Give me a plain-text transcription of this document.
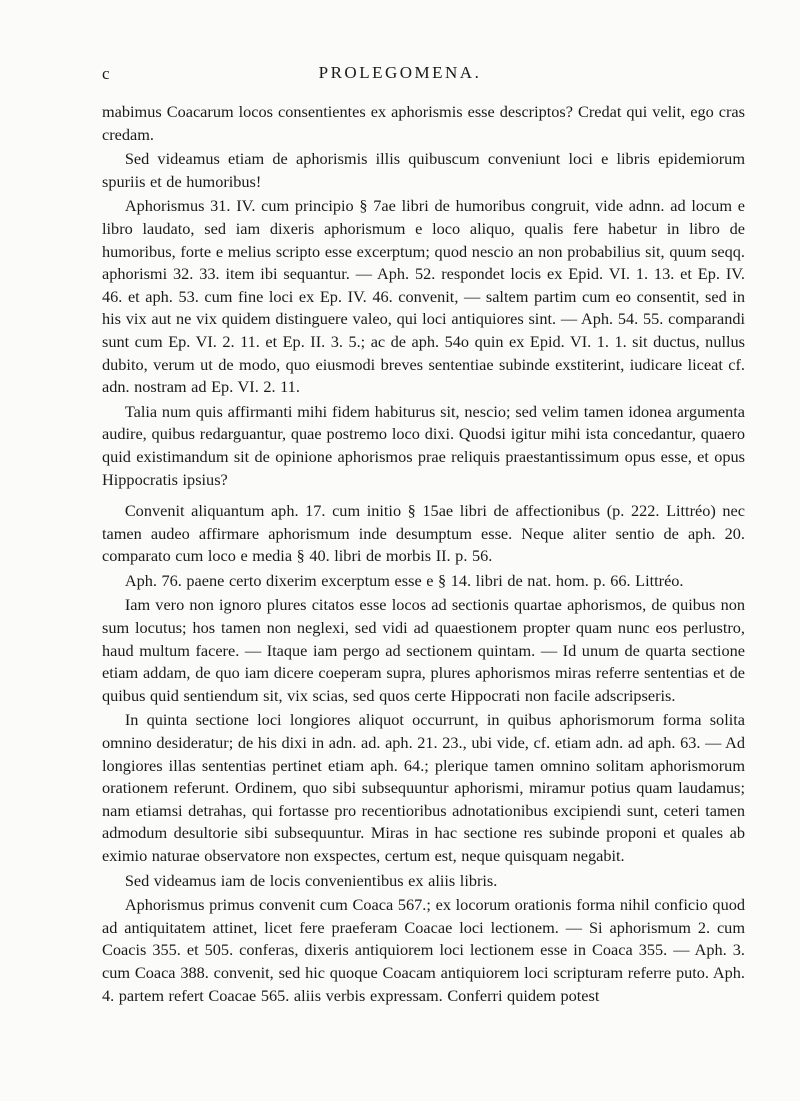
c	PROLEGOMENA.

mabimus Coacarum locos consentientes ex aphorismis esse descriptos? Credat qui velit, ego cras credam.

Sed videamus etiam de aphorismis illis quibuscum conveniunt loci e libris epidemiorum spuriis et de humoribus!

Aphorismus 31. IV. cum principio § 7ae libri de humoribus congruit, vide adnn. ad locum e libro laudato, sed iam dixeris aphorismum e loco aliquo, qualis fere habetur in libro de humoribus, forte e melius scripto esse excerptum; quod nescio an non probabilius sit, quum seqq. aphorismi 32. 33. item ibi sequantur. — Aph. 52. respondet locis ex Epid. VI. 1. 13. et Ep. IV. 46. et aph. 53. cum fine loci ex Ep. IV. 46. convenit, — saltem partim cum eo consentit, sed in his vix aut ne vix quidem distinguere valeo, qui loci antiquiores sint. — Aph. 54. 55. comparandi sunt cum Ep. VI. 2. 11. et Ep. II. 3. 5.; ac de aph. 54o quin ex Epid. VI. 1. 1. sit ductus, nullus dubito, verum ut de modo, quo eiusmodi breves sententiae subinde exstiterint, iudicare liceat cf. adn. nostram ad Ep. VI. 2. 11.

Talia num quis affirmanti mihi fidem habiturus sit, nescio; sed velim tamen idonea argumenta audire, quibus redarguantur, quae postremo loco dixi. Quodsi igitur mihi ista concedantur, quaero quid existimandum sit de opinione aphorismos prae reliquis praestantissimum opus esse, et opus Hippocratis ipsius?

Convenit aliquantum aph. 17. cum initio § 15ae libri de affectionibus (p. 222. Littréo) nec tamen audeo affirmare aphorismum inde desumptum esse. Neque aliter sentio de aph. 20. comparato cum loco e media § 40. libri de morbis II. p. 56.

Aph. 76. paene certo dixerim excerptum esse e § 14. libri de nat. hom. p. 66. Littréo.

Iam vero non ignoro plures citatos esse locos ad sectionis quartae aphorismos, de quibus non sum locutus; hos tamen non neglexi, sed vidi ad quaestionem propter quam nunc eos perlustro, haud multum facere. — Itaque iam pergo ad sectionem quintam. — Id unum de quarta sectione etiam addam, de quo iam dicere coeperam supra, plures aphorismos miras referre sententias et de quibus quid sentiendum sit, vix scias, sed quos certe Hippocrati non facile adscripseris.

In quinta sectione loci longiores aliquot occurrunt, in quibus aphorismorum forma solita omnino desideratur; de his dixi in adn. ad. aph. 21. 23., ubi vide, cf. etiam adn. ad aph. 63. — Ad longiores illas sententias pertinet etiam aph. 64.; plerique tamen omnino solitam aphorismorum orationem referunt. Ordinem, quo sibi subsequuntur aphorismi, miramur potius quam laudamus; nam etiamsi detrahas, qui fortasse pro recentioribus adnotationibus excipiendi sunt, ceteri tamen admodum desultorie sibi subsequuntur. Miras in hac sectione res subinde proponi et quales ab eximio naturae observatore non exspectes, certum est, neque quisquam negabit.

Sed videamus iam de locis convenientibus ex aliis libris.

Aphorismus primus convenit cum Coaca 567.; ex locorum orationis forma nihil conficio quod ad antiquitatem attinet, licet fere praeferam Coacae loci lectionem. — Si aphorismum 2. cum Coacis 355. et 505. conferas, dixeris antiquiorem loci lectionem esse in Coaca 355. — Aph. 3. cum Coaca 388. convenit, sed hic quoque Coacam antiquiorem loci scripturam referre puto. Aph. 4. partem refert Coacae 565. aliis verbis expressam. Conferri quidem potest
